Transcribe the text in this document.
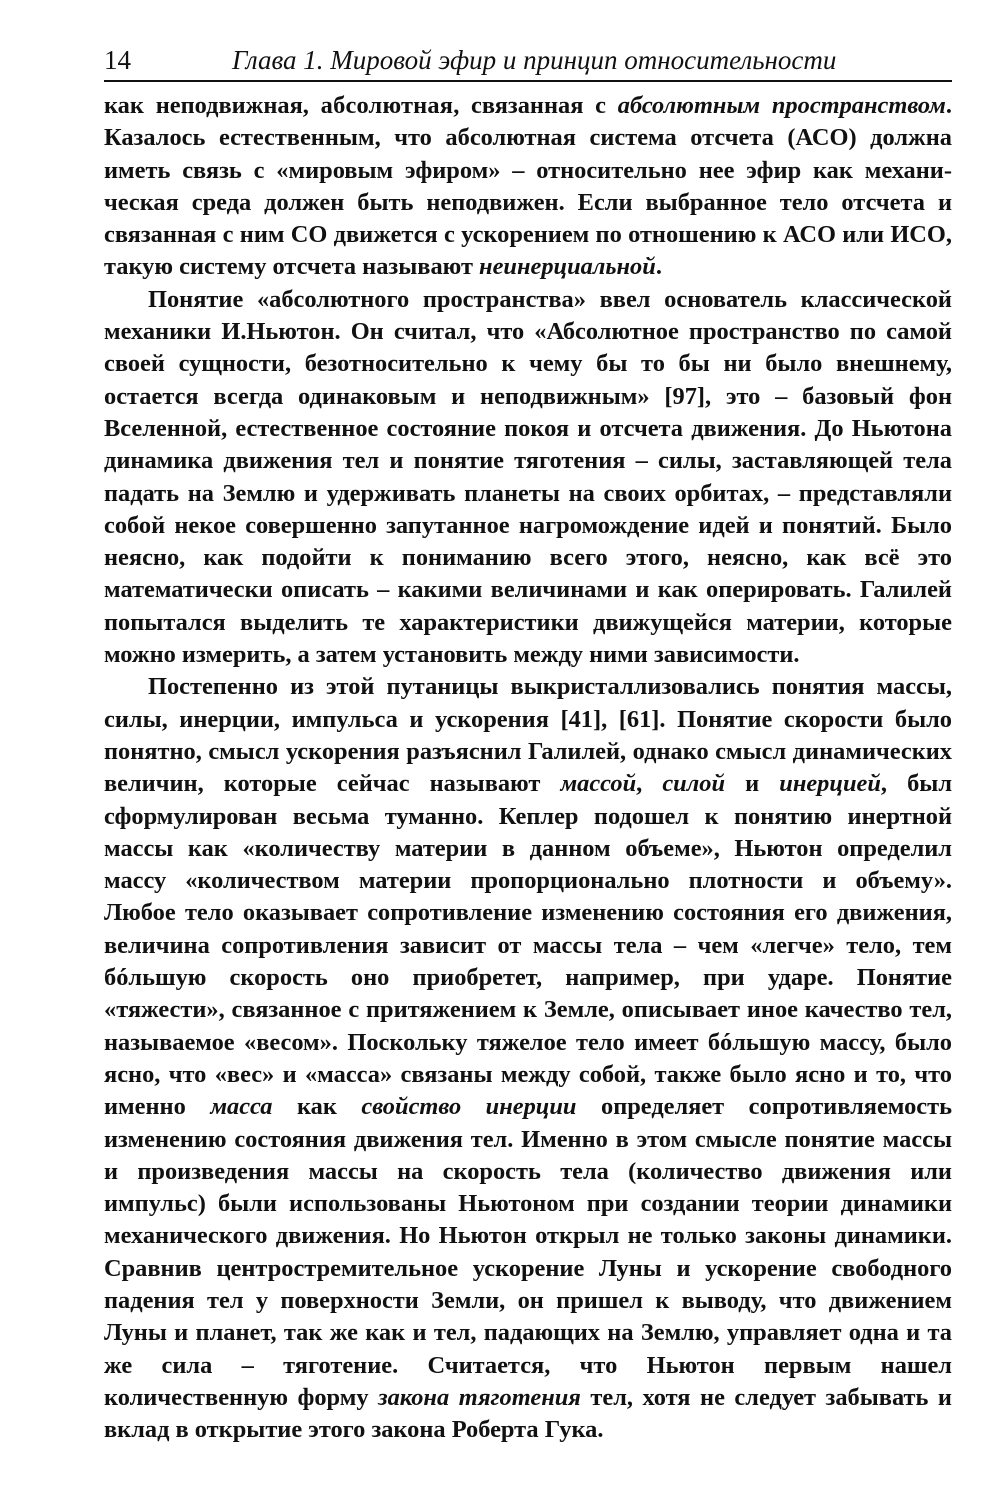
14	Глава 1. Мировой эфир и принцип относительности

как неподвижная, абсолютная, связанная с абсолютным пространством. Казалось естественным, что абсолютная система отсчета (АСО) должна иметь связь с «мировым эфиром» – относительно нее эфир как механическая среда должен быть неподвижен. Если выбранное тело отсчета и связанная с ним СО движется с ускорением по отношению к АСО или ИСО, такую систему отсчета называют неинерциальной.

Понятие «абсолютного пространства» ввел основатель классической механики И.Ньютон. Он считал, что «Абсолютное пространство по самой своей сущности, безотносительно к чему бы то бы ни было внешнему, остается всегда одинаковым и неподвижным» [97], это – базовый фон Вселенной, естественное состояние покоя и отсчета движения. До Ньютона динамика движения тел и понятие тяготения – силы, заставляющей тела падать на Землю и удерживать планеты на своих орбитах, – представляли собой некое совершенно запутанное нагромождение идей и понятий. Было неясно, как подойти к пониманию всего этого, неясно, как всё это математически описать – какими величинами и как оперировать. Галилей попытался выделить те характеристики движущейся материи, которые можно измерить, а затем установить между ними зависимости.

Постепенно из этой путаницы выкристаллизовались понятия массы, силы, инерции, импульса и ускорения [41], [61]. Понятие скорости было понятно, смысл ускорения разъяснил Галилей, однако смысл динамических величин, которые сейчас называют массой, силой и инерцией, был сформулирован весьма туманно. Кеплер подошел к понятию инертной массы как «количеству материи в данном объеме», Ньютон определил массу «количеством материи пропорционально плотности и объему». Любое тело оказывает сопротивление изменению состояния его движения, величина сопротивления зависит от массы тела – чем «легче» тело, тем бóльшую скорость оно приобретет, например, при ударе. Понятие «тяжести», связанное с притяжением к Земле, описывает иное качество тел, называемое «весом». Поскольку тяжелое тело имеет бóльшую массу, было ясно, что «вес» и «масса» связаны между собой, также было ясно и то, что именно масса как свойство инерции определяет сопротивляемость изменению состояния движения тел. Именно в этом смысле понятие массы и произведения массы на скорость тела (количество движения или импульс) были использованы Ньютоном при создании теории динамики механического движения. Но Ньютон открыл не только законы динамики. Сравнив центростремительное ускорение Луны и ускорение свободного падения тел у поверхности Земли, он пришел к выводу, что движением Луны и планет, так же как и тел, падающих на Землю, управляет одна и та же сила – тяготение. Считается, что Ньютон первым нашел количественную форму закона тяготения тел, хотя не следует забывать и вклад в открытие этого закона Роберта Гука.
